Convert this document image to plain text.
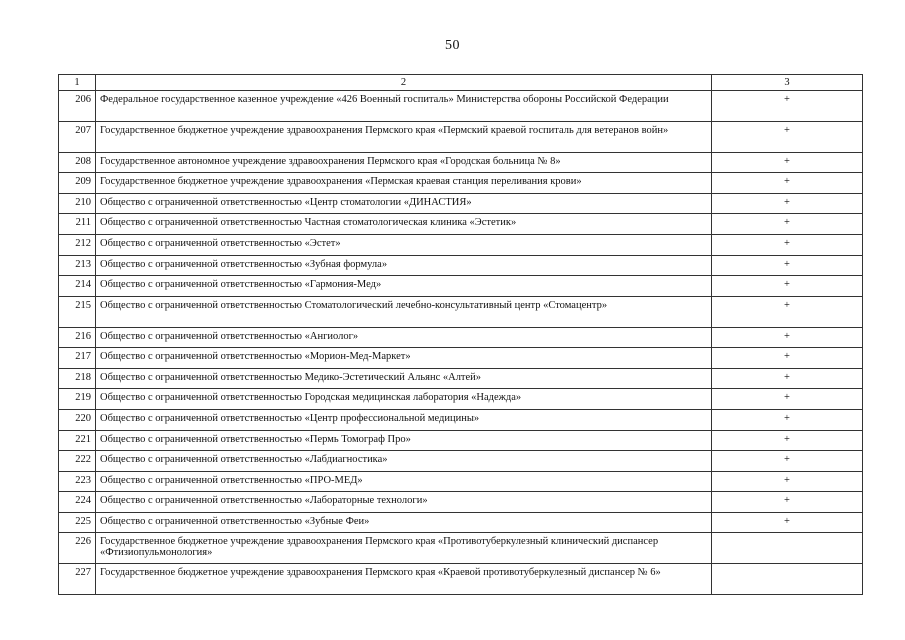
50
1	2	3
206	Федеральное государственное казенное учреждение «426 Военный госпиталь» Министерства обороны Российской Федерации	+
207	Государственное бюджетное учреждение здравоохранения Пермского края «Пермский краевой госпиталь для ветеранов войн»	+
208	Государственное автономное учреждение здравоохранения Пермского края «Городская больница № 8»	+
209	Государственное бюджетное учреждение здравоохранения «Пермская краевая станция переливания крови»	+
210	Общество с ограниченной ответственностью «Центр стоматологии «ДИНАСТИЯ»	+
211	Общество с ограниченной ответственностью Частная стоматологическая клиника «Эстетик»	+
212	Общество с ограниченной ответственностью «Эстет»	+
213	Общество с ограниченной ответственностью «Зубная формула»	+
214	Общество с ограниченной ответственностью «Гармония-Мед»	+
215	Общество с ограниченной ответственностью Стоматологический лечебно-консультативный центр «Стомацентр»	+
216	Общество с ограниченной ответственностью «Ангиолог»	+
217	Общество с ограниченной ответственностью «Морион-Мед-Маркет»	+
218	Общество с ограниченной ответственностью Медико-Эстетический Альянс «Алтей»	+
219	Общество с ограниченной ответственностью Городская медицинская лаборатория «Надежда»	+
220	Общество с ограниченной ответственностью «Центр профессиональной медицины»	+
221	Общество с ограниченной ответственностью «Пермь Томограф Про»	+
222	Общество с ограниченной ответственностью «Лабдиагностика»	+
223	Общество с ограниченной ответственностью «ПРО-МЕД»	+
224	Общество с ограниченной ответственностью «Лабораторные технологи»	+
225	Общество с ограниченной ответственностью «Зубные Феи»	+
226	Государственное бюджетное учреждение здравоохранения Пермского края «Противотуберкулезный клинический диспансер «Фтизиопульмонология»	
227	Государственное бюджетное учреждение здравоохранения Пермского края «Краевой противотуберкулезный диспансер № 6»	
